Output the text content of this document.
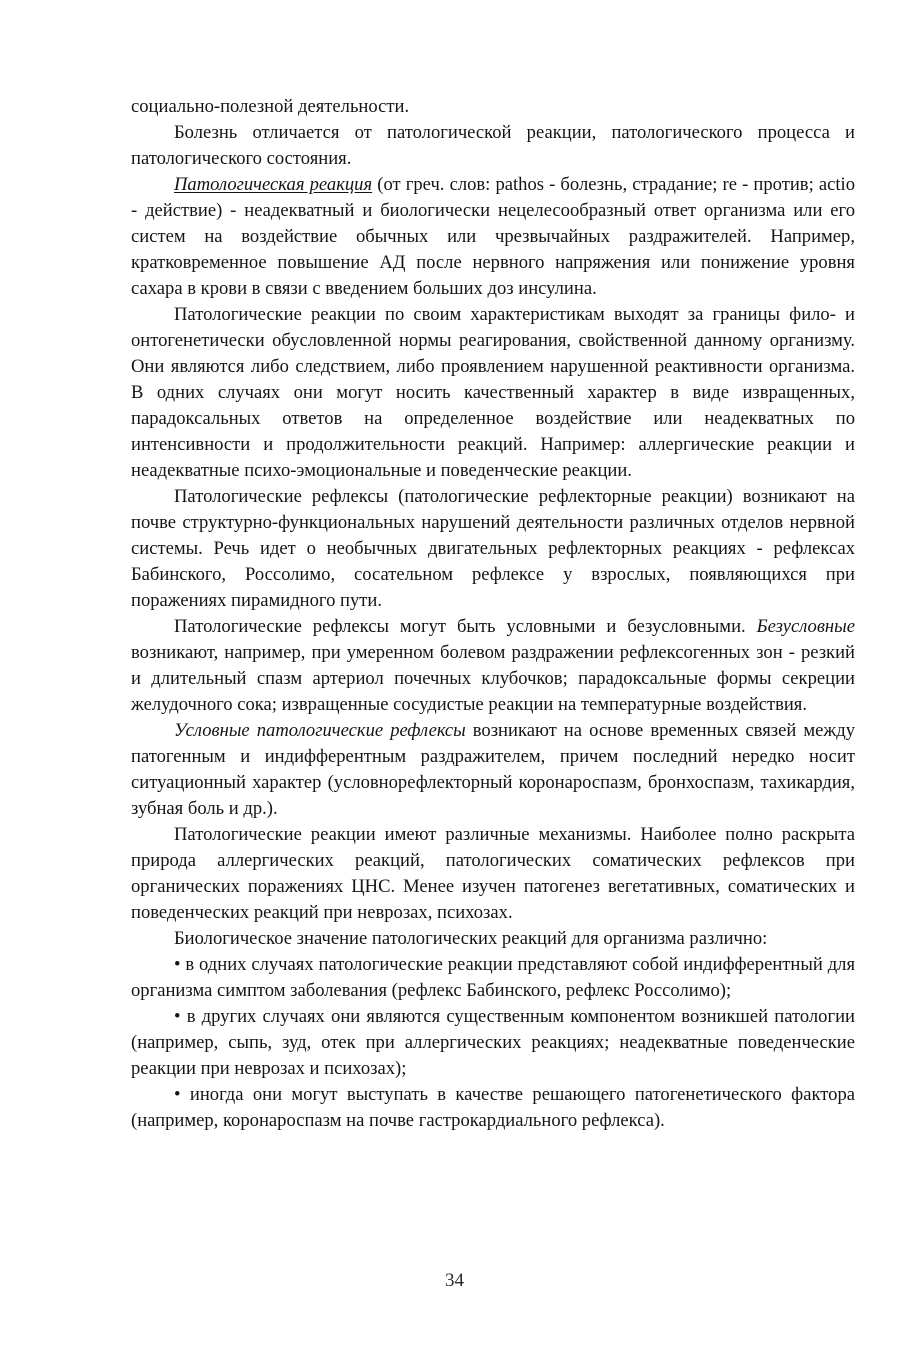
социально-полезной деятельности.

Болезнь отличается от патологической реакции, патологического процесса и патологического состояния.

Патологическая реакция (от греч. слов: pathos - болезнь, страдание; re - против; actio - действие) - неадекватный и биологически нецелесообразный ответ организма или его систем на воздействие обычных или чрезвычайных раздражителей. Например, кратковременное повышение АД после нервного напряжения или понижение уровня сахара в крови в связи с введением больших доз инсулина.

Патологические реакции по своим характеристикам выходят за границы фило- и онтогенетически обусловленной нормы реагирования, свойственной данному организму. Они являются либо следствием, либо проявлением нарушенной реактивности организма. В одних случаях они могут носить качественный характер в виде извращенных, парадоксальных ответов на определенное воздействие или неадекватных по интенсивности и продолжительности реакций. Например: аллергические реакции и неадекватные психо-эмоциональные и поведенческие реакции.

Патологические рефлексы (патологические рефлекторные реакции) возникают на почве структурно-функциональных нарушений деятельности различных отделов нервной системы. Речь идет о необычных двигательных рефлекторных реакциях - рефлексах Бабинского, Россолимо, сосательном рефлексе у взрослых, появляющихся при поражениях пирамидного пути.

Патологические рефлексы могут быть условными и безусловными. Безусловные возникают, например, при умеренном болевом раздражении рефлексогенных зон - резкий и длительный спазм артериол почечных клубочков; парадоксальные формы секреции желудочного сока; извращенные сосудистые реакции на температурные воздействия.

Условные патологические рефлексы возникают на основе временных связей между патогенным и индифферентным раздражителем, причем последний нередко носит ситуационный характер (условнорефлекторный коронароспазм, бронхоспазм, тахикардия, зубная боль и др.).

Патологические реакции имеют различные механизмы. Наиболее полно раскрыта природа аллергических реакций, патологических соматических рефлексов при органических поражениях ЦНС. Менее изучен патогенез вегетативных, соматических и поведенческих реакций при неврозах, психозах.

Биологическое значение патологических реакций для организма различно:

• в одних случаях патологические реакции представляют собой индифферентный для организма симптом заболевания (рефлекс Бабинского, рефлекс Россолимо);

• в других случаях они являются существенным компонентом возникшей патологии (например, сыпь, зуд, отек при аллергических реакциях; неадекватные поведенческие реакции при неврозах и психозах);

• иногда они могут выступать в качестве решающего патогенетического фактора (например, коронароспазм на почве гастрокардиального рефлекса).

34
